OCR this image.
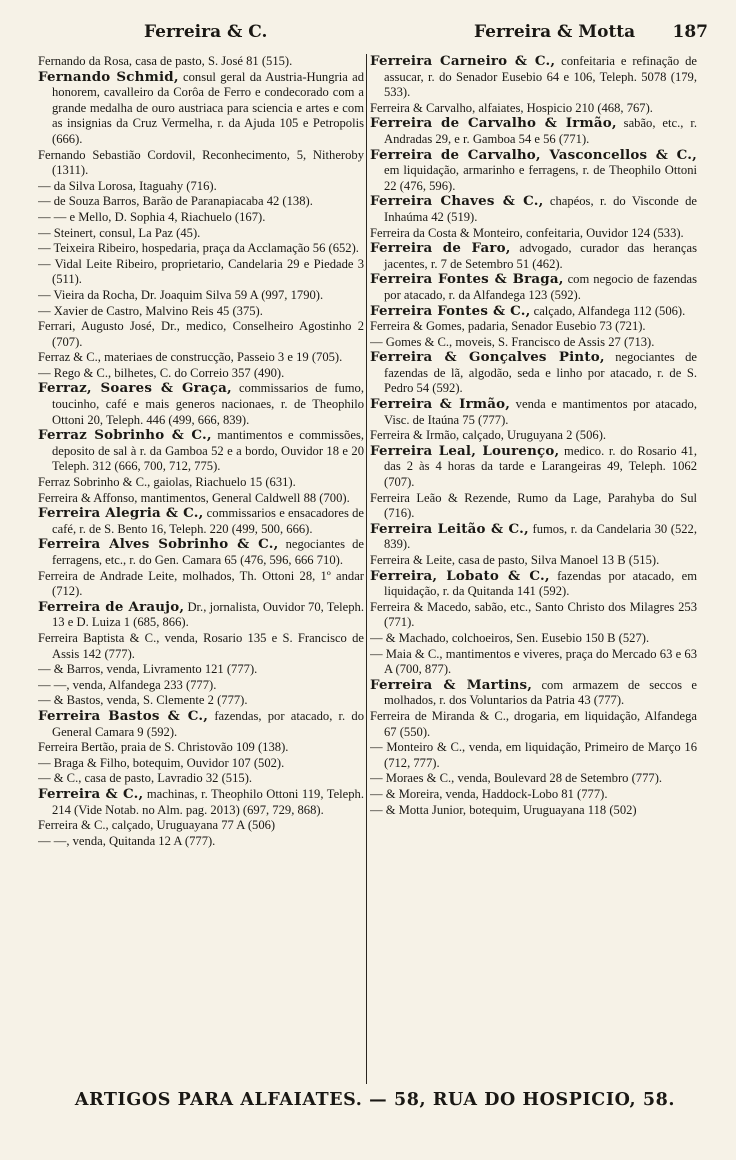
Ferreira & C.	Ferreira & Motta 187

Fernando da Rosa, casa de pasto, S. José 81 (515).

Fernando Schmid, consul geral da Austria-Hungria ad honorem, cavalleiro da Corôa de Ferro e condecorado com a grande medalha de ouro austriaca para sciencia e artes e com as insignias da Cruz Vermelha, r. da Ajuda 105 e Petropolis (666).

Fernando Sebastião Cordovil, Reconhecimento, 5, Nitheroby (1311).

— da Silva Lorosa, Itaguahy (716).

— de Souza Barros, Barão de Paranapiacaba 42 (138).

— — e Mello, D. Sophia 4, Riachuelo (167).

— Steinert, consul, La Paz (45).

— Teixeira Ribeiro, hospedaria, praça da Acclamação 56 (652).

— Vidal Leite Ribeiro, proprietario, Candelaria 29 e Piedade 3 (511).

— Vieira da Rocha, Dr. Joaquim Silva 59 A (997, 1790).

— Xavier de Castro, Malvino Reis 45 (375).

Ferrari, Augusto José, Dr., medico, Conselheiro Agostinho 2 (707).

Ferraz & C., materiaes de construcção, Passeio 3 e 19 (705).

— Rego & C., bilhetes, C. do Correio 357 (490).

Ferraz, Soares & Graça, commissarios de fumo, toucinho, café e mais generos nacionaes, r. de Theophilo Ottoni 20, Teleph. 446 (499, 666, 839).

Ferraz Sobrinho & C., mantimentos e commissões, deposito de sal à r. da Gamboa 52 e a bordo, Ouvidor 18 e 20 Teleph. 312 (666, 700, 712, 775).

Ferraz Sobrinho & C., gaiolas, Riachuelo 15 (631).

Ferreira & Affonso, mantimentos, General Caldwell 88 (700).

Ferreira Alegria & C., commissarios e ensacadores de café, r. de S. Bento 16, Teleph. 220 (499, 500, 666).

Ferreira Alves Sobrinho & C., negociantes de ferragens, etc., r. do Gen. Camara 65 (476, 596, 666 710).

Ferreira de Andrade Leite, molhados, Th. Ottoni 28, 1º andar (712).

Ferreira de Araujo, Dr., jornalista, Ouvidor 70, Teleph. 13 e D. Luiza 1 (685, 866).

Ferreira Baptista & C., venda, Rosario 135 e S. Francisco de Assis 142 (777).

— & Barros, venda, Livramento 121 (777).

— —, venda, Alfandega 233 (777).

— & Bastos, venda, S. Clemente 2 (777).

Ferreira Bastos & C., fazendas, por atacado, r. do General Camara 9 (592).

Ferreira Bertão, praia de S. Christovão 109 (138).

— Braga & Filho, botequim, Ouvidor 107 (502).

— & C., casa de pasto, Lavradio 32 (515).

Ferreira & C., machinas, r. Theophilo Ottoni 119, Teleph. 214 (Vide Notab. no Alm. pag. 2013) (697, 729, 868).

Ferreira & C., calçado, Uruguayana 77 A (506)

— —, venda, Quitanda 12 A (777).

Ferreira Carneiro & C., confeitaria e refinação de assucar, r. do Senador Eusebio 64 e 106, Teleph. 5078 (179, 533).

Ferreira & Carvalho, alfaiates, Hospicio 210 (468, 767).

Ferreira de Carvalho & Irmão, sabão, etc., r. Andradas 29, e r. Gamboa 54 e 56 (771).

Ferreira de Carvalho, Vasconcellos & C., em liquidação, armarinho e ferragens, r. de Theophilo Ottoni 22 (476, 596).

Ferreira Chaves & C., chapéos, r. do Visconde de Inhaúma 42 (519).

Ferreira da Costa & Monteiro, confeitaria, Ouvidor 124 (533).

Ferreira de Faro, advogado, curador das heranças jacentes, r. 7 de Setembro 51 (462).

Ferreira Fontes & Braga, com negocio de fazendas por atacado, r. da Alfandega 123 (592).

Ferreira Fontes & C., calçado, Alfandega 112 (506).

Ferreira & Gomes, padaria, Senador Eusebio 73 (721).

— Gomes & C., moveis, S. Francisco de Assis 27 (713).

Ferreira & Gonçalves Pinto, negociantes de fazendas de lã, algodão, seda e linho por atacado, r. de S. Pedro 54 (592).

Ferreira & Irmão, venda e mantimentos por atacado, Visc. de Itaúna 75 (777).

Ferreira & Irmão, calçado, Uruguyana 2 (506).

Ferreira Leal, Lourenço, medico. r. do Rosario 41, das 2 às 4 horas da tarde e Larangeiras 49, Teleph. 1062 (707).

Ferreira Leão & Rezende, Rumo da Lage, Parahyba do Sul (716).

Ferreira Leitão & C., fumos, r. da Candelaria 30 (522, 839).

Ferreira & Leite, casa de pasto, Silva Manoel 13 B (515).

Ferreira, Lobato & C., fazendas por atacado, em liquidação, r. da Quitanda 141 (592).

Ferreira & Macedo, sabão, etc., Santo Christo dos Milagres 253 (771).

— & Machado, colchoeiros, Sen. Eusebio 150 B (527).

— Maia & C., mantimentos e viveres, praça do Mercado 63 e 63 A (700, 877).

Ferreira & Martins, com armazem de seccos e molhados, r. dos Voluntarios da Patria 43 (777).

Ferreira de Miranda & C., drogaria, em liquidação, Alfandega 67 (550).

— Monteiro & C., venda, em liquidação, Primeiro de Março 16 (712, 777).

— Moraes & C., venda, Boulevard 28 de Setembro (777).

— & Moreira, venda, Haddock-Lobo 81 (777).

— & Motta Junior, botequim, Uruguayana 118 (502)

ARTIGOS PARA ALFAIATES. — 58, RUA DO HOSPICIO, 58.
